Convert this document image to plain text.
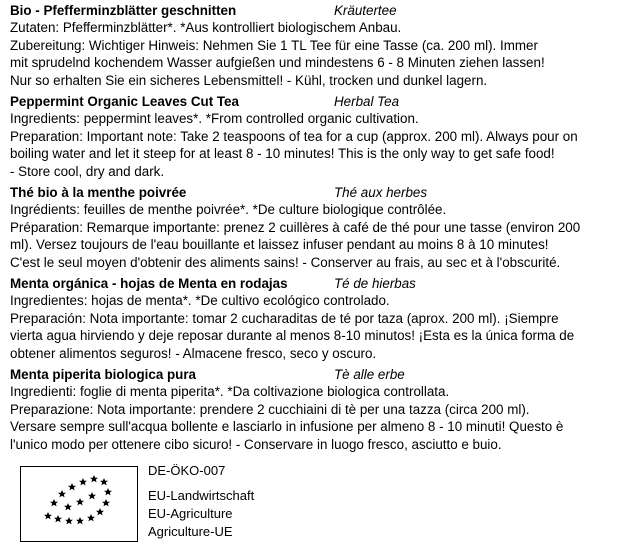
Bio - Pfefferminzblätter geschnitten	Kräutertee
Zutaten: Pfefferminzblätter*. *Aus kontrolliert biologischem Anbau.
Zubereitung: Wichtiger Hinweis: Nehmen Sie 1 TL Tee für eine Tasse (ca. 200 ml). Immer
mit sprudelnd kochendem Wasser aufgießen und mindestens 6 - 8 Minuten ziehen lassen!
Nur so erhalten Sie ein sicheres Lebensmittel! - Kühl, trocken und dunkel lagern.
Peppermint Organic Leaves Cut Tea	Herbal Tea
Ingredients: peppermint leaves*. *From controlled organic cultivation.
Preparation: Important note: Take 2 teaspoons of tea for a cup (approx. 200 ml). Always pour on
boiling water and let it steep for at least 8 - 10 minutes! This is the only way to get safe food!
- Store cool, dry and dark.
Thé bio à la menthe poivrée	Thé aux herbes
Ingrédients: feuilles de menthe poivrée*. *De culture biologique contrôlée.
Préparation: Remarque importante: prenez 2 cuillères à café de thé pour une tasse (environ 200
ml). Versez toujours de l'eau bouillante et laissez infuser pendant au moins 8 à 10 minutes!
C'est le seul moyen d'obtenir des aliments sains! - Conserver au frais, au sec et à l'obscurité.
Menta orgánica - hojas de Menta en rodajas	Té de hierbas
Ingredientes: hojas de menta*. *De cultivo ecológico controlado.
Preparación: Nota importante: tomar 2 cucharaditas de té por taza (aprox. 200 ml). ¡Siempre
vierta agua hirviendo y deje reposar durante al menos 8-10 minutos! ¡Esta es la única forma de
obtener alimentos seguros! - Almacene fresco, seco y oscuro.
Menta piperita biologica pura	Tè alle erbe
Ingredienti: foglie di menta piperita*. *Da coltivazione biologica controllata.
Preparazione: Nota importante: prendere 2 cucchiaini di tè per una tazza (circa 200 ml).
Versare sempre sull'acqua bollente e lasciarlo in infusione per almeno 8 - 10 minuti! Questo è
l'unico modo per ottenere cibo sicuro! - Conservare in luogo fresco, asciutto e buio.
DE-ÖKO-007
EU-Landwirtschaft
EU-Agriculture
Agriculture-UE
